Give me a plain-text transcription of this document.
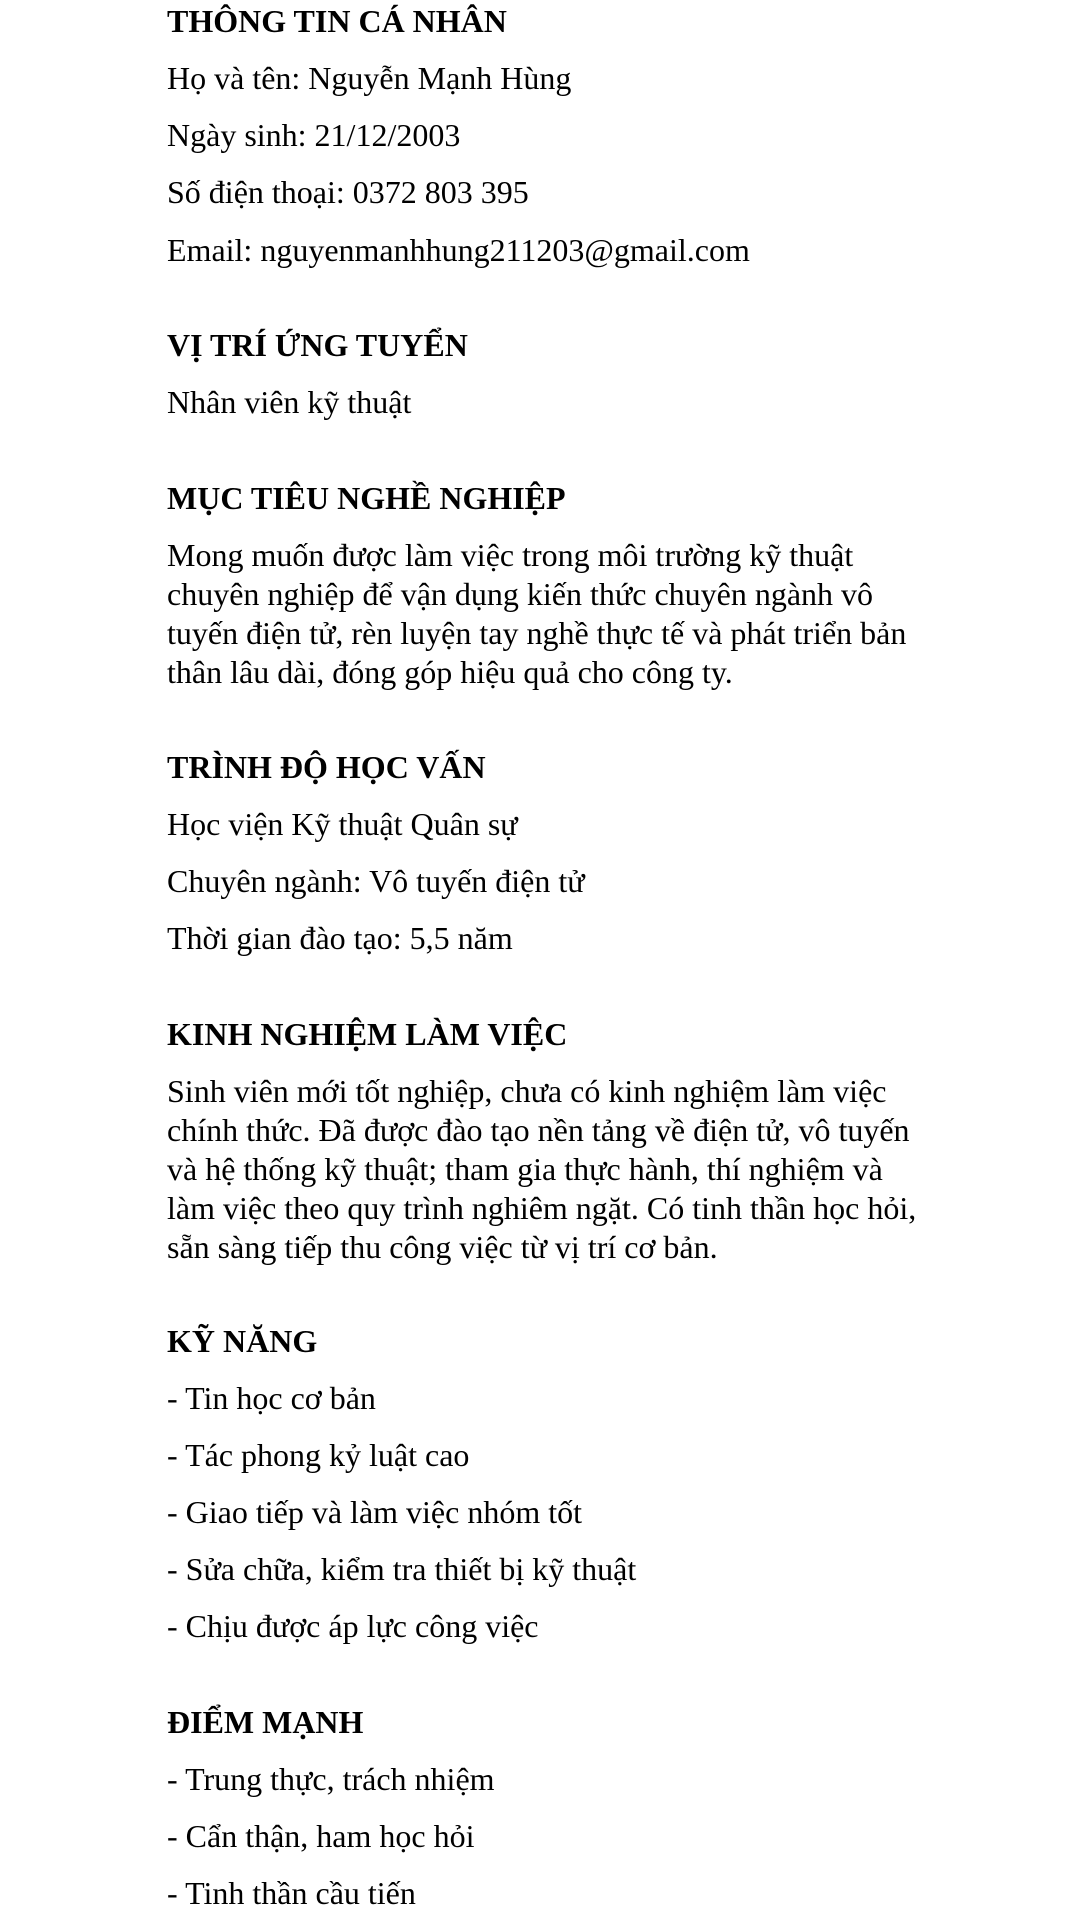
THÔNG TIN CÁ NHÂN
Họ và tên: Nguyễn Mạnh Hùng
Ngày sinh: 21/12/2003
Số điện thoại: 0372 803 395
Email: nguyenmanhhung211203@gmail.com
VỊ TRÍ ỨNG TUYỂN
Nhân viên kỹ thuật
MỤC TIÊU NGHỀ NGHIỆP
Mong muốn được làm việc trong môi trường kỹ thuật
chuyên nghiệp để vận dụng kiến thức chuyên ngành vô
tuyến điện tử, rèn luyện tay nghề thực tế và phát triển bản
thân lâu dài, đóng góp hiệu quả cho công ty.
TRÌNH ĐỘ HỌC VẤN
Học viện Kỹ thuật Quân sự
Chuyên ngành: Vô tuyến điện tử
Thời gian đào tạo: 5,5 năm
KINH NGHIỆM LÀM VIỆC
Sinh viên mới tốt nghiệp, chưa có kinh nghiệm làm việc
chính thức. Đã được đào tạo nền tảng về điện tử, vô tuyến
và hệ thống kỹ thuật; tham gia thực hành, thí nghiệm và
làm việc theo quy trình nghiêm ngặt. Có tinh thần học hỏi,
sẵn sàng tiếp thu công việc từ vị trí cơ bản.
KỸ NĂNG
- Tin học cơ bản
- Tác phong kỷ luật cao
- Giao tiếp và làm việc nhóm tốt
- Sửa chữa, kiểm tra thiết bị kỹ thuật
- Chịu được áp lực công việc
ĐIỂM MẠNH
- Trung thực, trách nhiệm
- Cẩn thận, ham học hỏi
- Tinh thần cầu tiến
